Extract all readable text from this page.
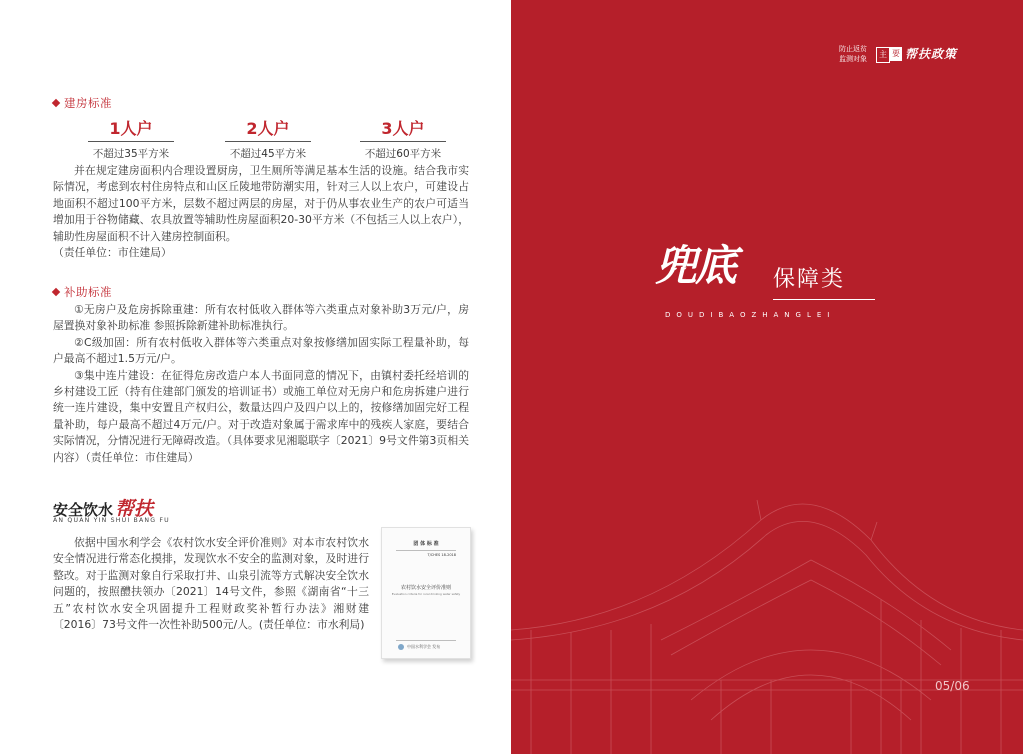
建房标准
1人户
不超过35平方米
2人户
不超过45平方米
3人户
不超过60平方米

并在规定建房面积内合理设置厨房，卫生厕所等满足基本生活的设施。结合我市实际情况，考虑到农村住房特点和山区丘陵地带防潮实用，针对三人以上农户，可建设占地面积不超过100平方米，层数不超过两层的房屋，对于仍从事农业生产的农户可适当增加用于谷物储藏、农具放置等辅助性房屋面积20-30平方米（不包括三人以上农户），辅助性房屋面积不计入建房控制面积。

（责任单位：市住建局）

补助标准

①无房户及危房拆除重建：所有农村低收入群体等六类重点对象补助3万元/户，房屋置换对象补助标准 参照拆除新建补助标准执行。

②C级加固：所有农村低收入群体等六类重点对象按修缮加固实际工程量补助，每户最高不超过1.5万元/户。

③集中连片建设：在征得危房改造户本人书面同意的情况下，由镇村委托经培训的乡村建设工匠（持有住建部门颁发的培训证书）或施工单位对无房户和危房拆建户进行统一连片建设，集中安置且产权归公，数量达四户及四户以上的，按修缮加固完好工程量补助，每户最高不超过4万元/户。对于改造对象属于需求库中的残疾人家庭，要结合实际情况，分情况进行无障碍改造。（具体要求见湘聪联字〔2021〕9号文件第3页相关内容）（责任单位：市住建局）

安全饮水 帮扶
AN QUAN YIN SHUI BANG FU

依据中国水利学会《农村饮水安全评价准则》对本市农村饮水安全情况进行常态化摸排，发现饮水不安全的监测对象，及时进行整改。对于监测对象自行采取打井、山泉引流等方式解决安全饮水问题的，按照醴扶领办〔2021〕14号文件，参照《湖南省“十三五”农村饮水安全巩固提升工程财政奖补暂行办法》湘财建〔2016〕73号文件一次性补助500元/人。(责任单位：市水利局)

团 体 标 准
T/CHES 18-2018
农村饮水安全评价准则
Evaluation criteria for rural drinking water safety
中国水利学会 发布
防止返贫
监测对象	主 要 帮扶政策
兜底 保障类
DOUDIBAOZHANGLEI
05/06
